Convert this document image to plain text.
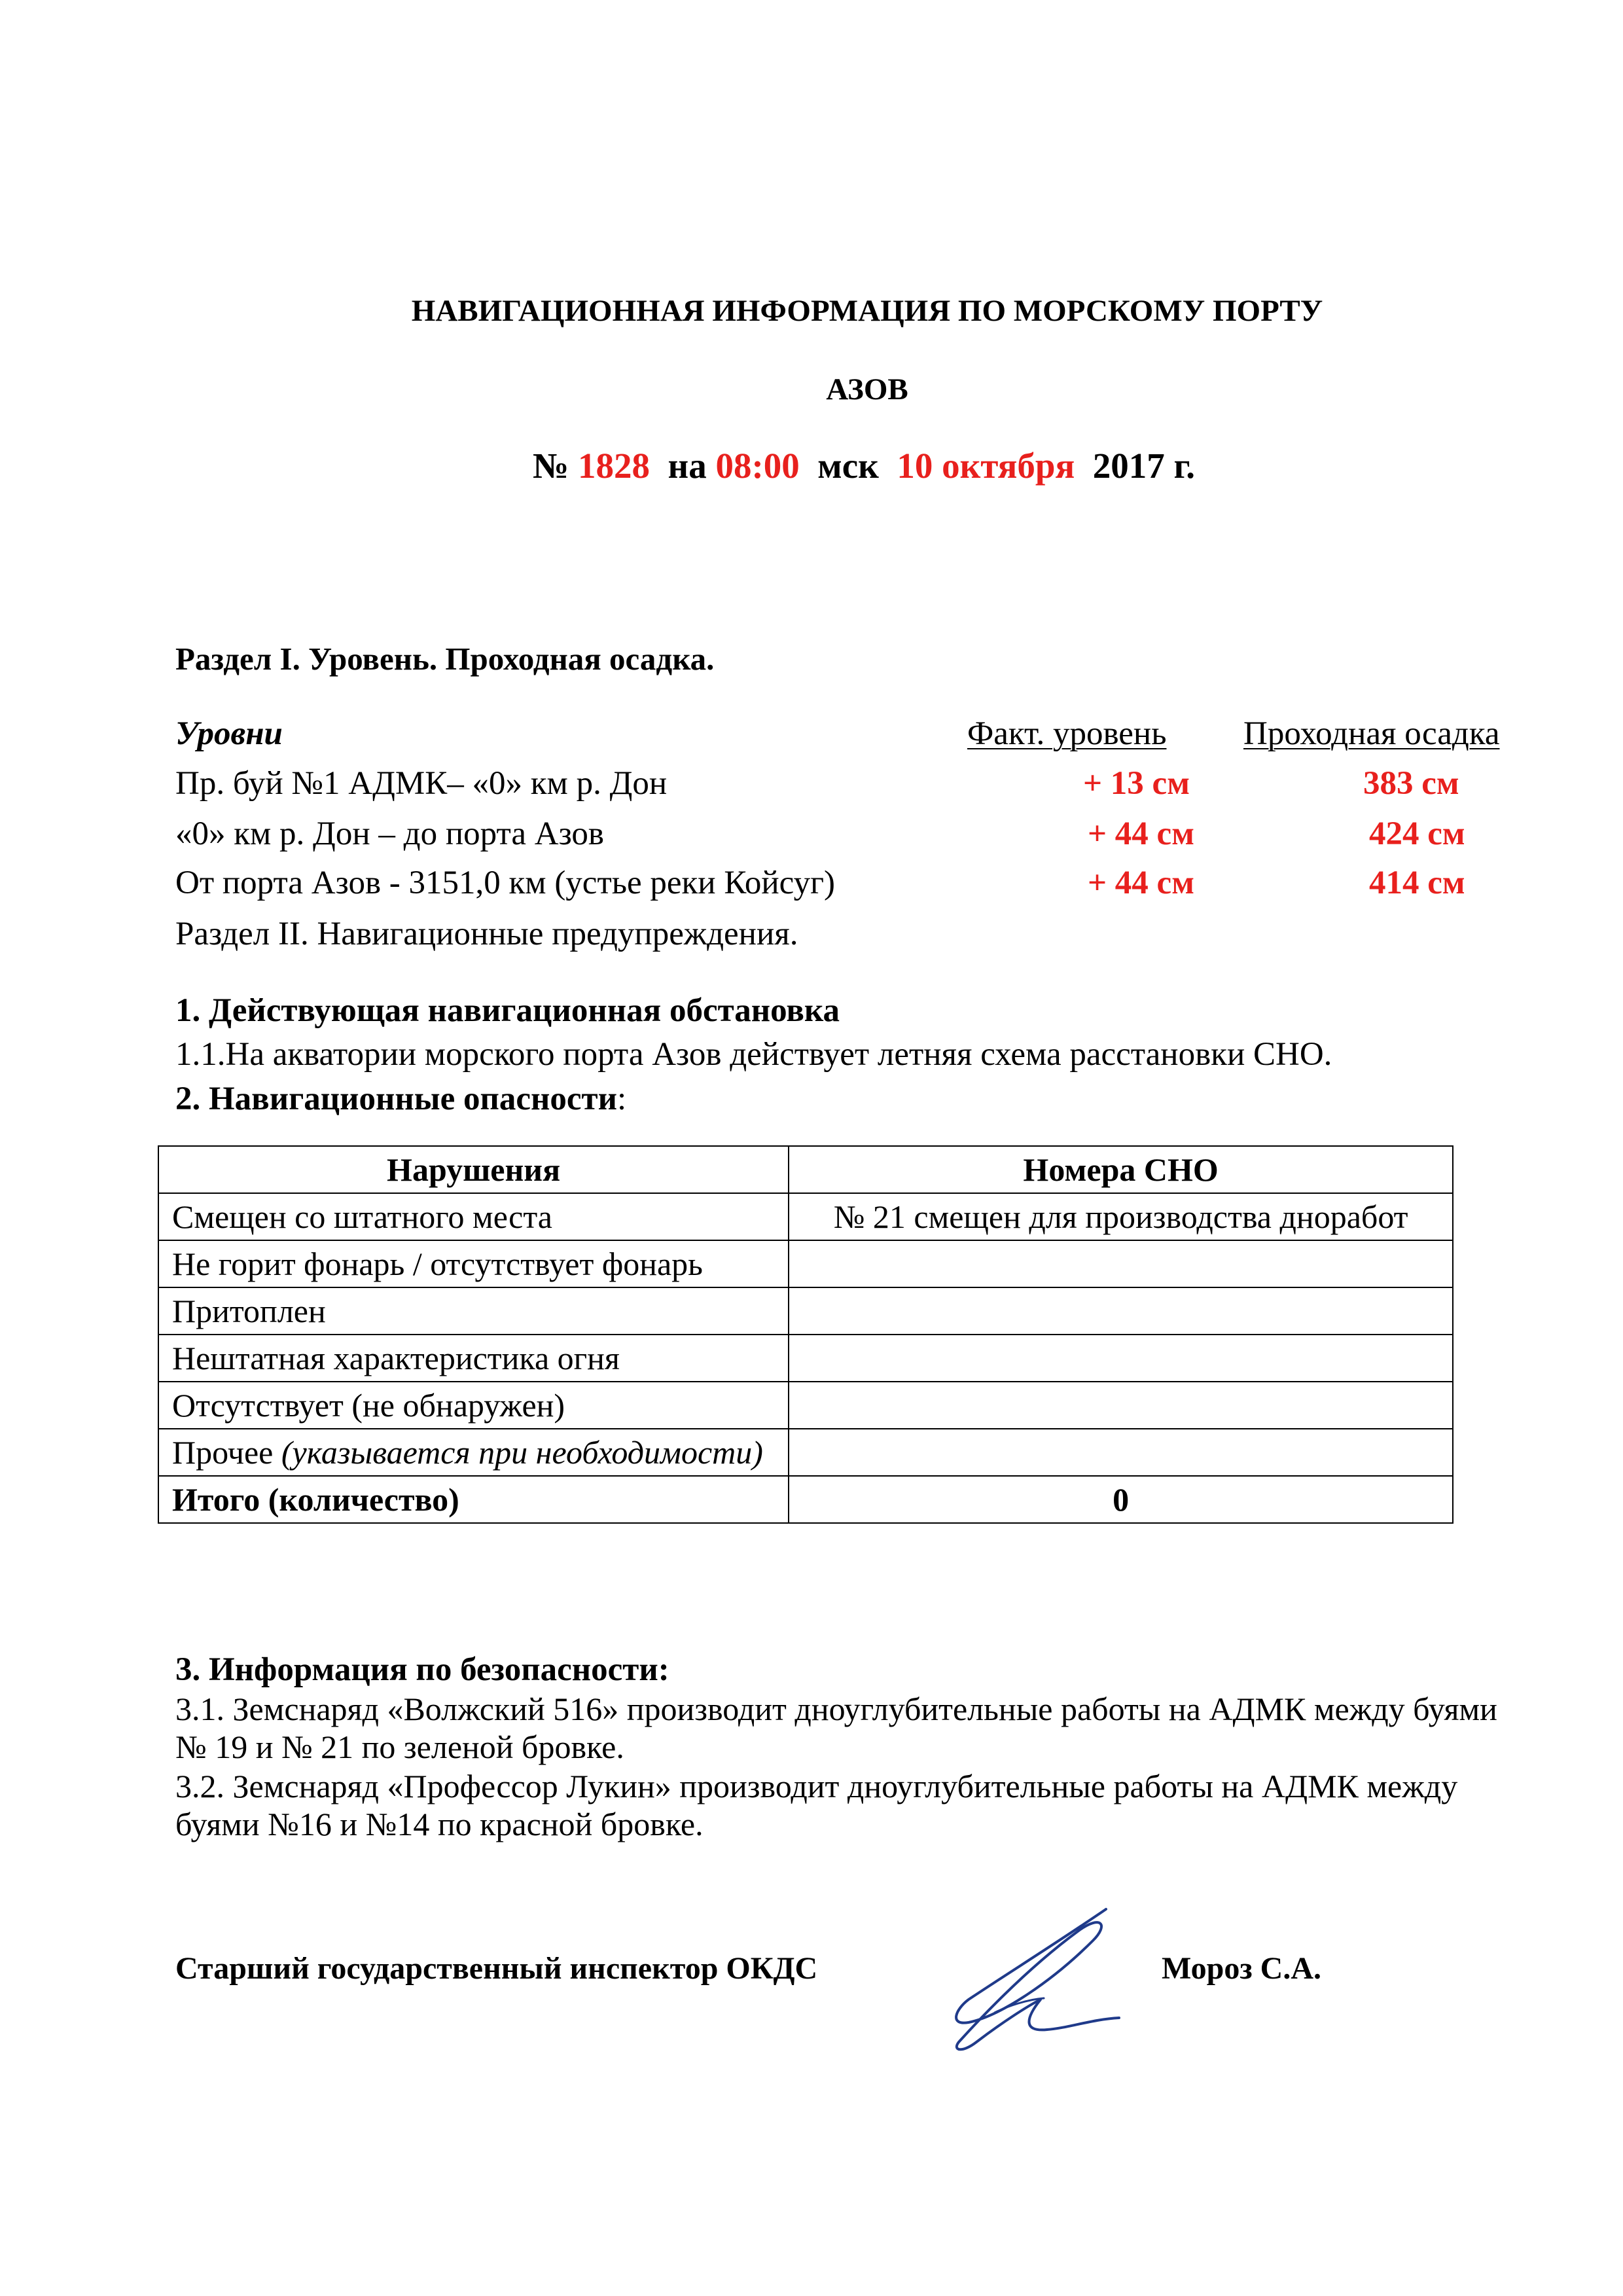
НАВИГАЦИОННАЯ ИНФОРМАЦИЯ ПО МОРСКОМУ ПОРТУ
АЗОВ
№ 1828 на 08:00 мск 10 октября 2017 г.
Раздел I. Уровень. Проходная осадка.
Уровни	Факт. уровень Проходная осадка
Пр. буй №1 АДМК– «0» км р. Дон	+ 13 см	383 см
«0» км р. Дон – до порта Азов	+ 44 см	424 см
От порта Азов - 3151,0 км (устье реки Койсуг)	+ 44 см	414 см
Раздел II. Навигационные предупреждения.
1. Действующая навигационная обстановка
1.1.На акватории морского порта Азов действует летняя схема расстановки СНО.
2. Навигационные опасности:
Нарушения	Номера СНО
Смещен со штатного места	№ 21 смещен для производства дноработ
Не горит фонарь / отсутствует фонарь	
Притоплен	
Нештатная характеристика огня	
Отсутствует (не обнаружен)	
Прочее (указывается при необходимости)	
Итого (количество)	0
3. Информация по безопасности:
3.1. Земснаряд «Волжский 516» производит дноуглубительные работы на АДМК между буями № 19 и № 21 по зеленой бровке.
3.2. Земснаряд «Профессор Лукин» производит дноуглубительные работы на АДМК между буями №16 и №14 по красной бровке.
Старший государственный инспектор ОКДС	Мороз С.А.
